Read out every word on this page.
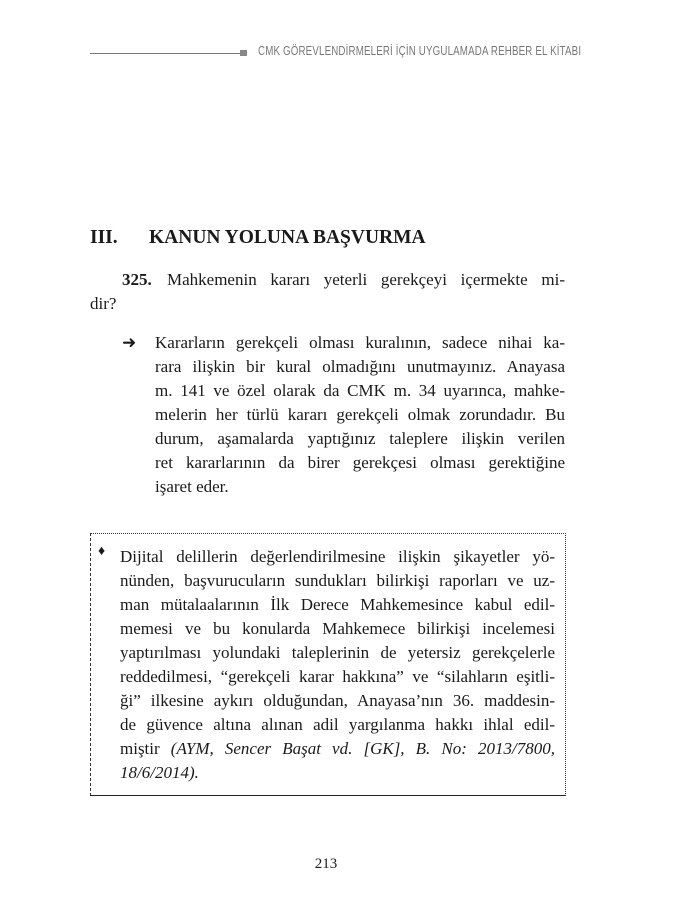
CMK GÖREVLENDİRMELERİ İÇİN UYGULAMADA REHBER EL KİTABI
III. KANUN YOLUNA BAŞVURMA
325. Mahkemenin kararı yeterli gerekçeyi içermekte mi-
dir?
➜ Kararların gerekçeli olması kuralının, sadece nihai ka-
rara ilişkin bir kural olmadığını unutmayınız. Anayasa
m. 141 ve özel olarak da CMK m. 34 uyarınca, mahke-
melerin her türlü kararı gerekçeli olmak zorundadır. Bu
durum, aşamalarda yaptığınız taleplere ilişkin verilen
ret kararlarının da birer gerekçesi olması gerektiğine
işaret eder.
♦ Dijital delillerin değerlendirilmesine ilişkin şikayetler yö-
nünden, başvurucuların sundukları bilirkişi raporları ve uz-
man mütalaalarının İlk Derece Mahkemesince kabul edil-
memesi ve bu konularda Mahkemece bilirkişi incelemesi
yaptırılması yolundaki taleplerinin de yetersiz gerekçelerle
reddedilmesi, “gerekçeli karar hakkına” ve “silahların eşitli-
ği” ilkesine aykırı olduğundan, Anayasa’nın 36. maddesin-
de güvence altına alınan adil yargılanma hakkı ihlal edil-
miştir (AYM, Sencer Başat vd. [GK], B. No: 2013/7800,
18/6/2014).
213
